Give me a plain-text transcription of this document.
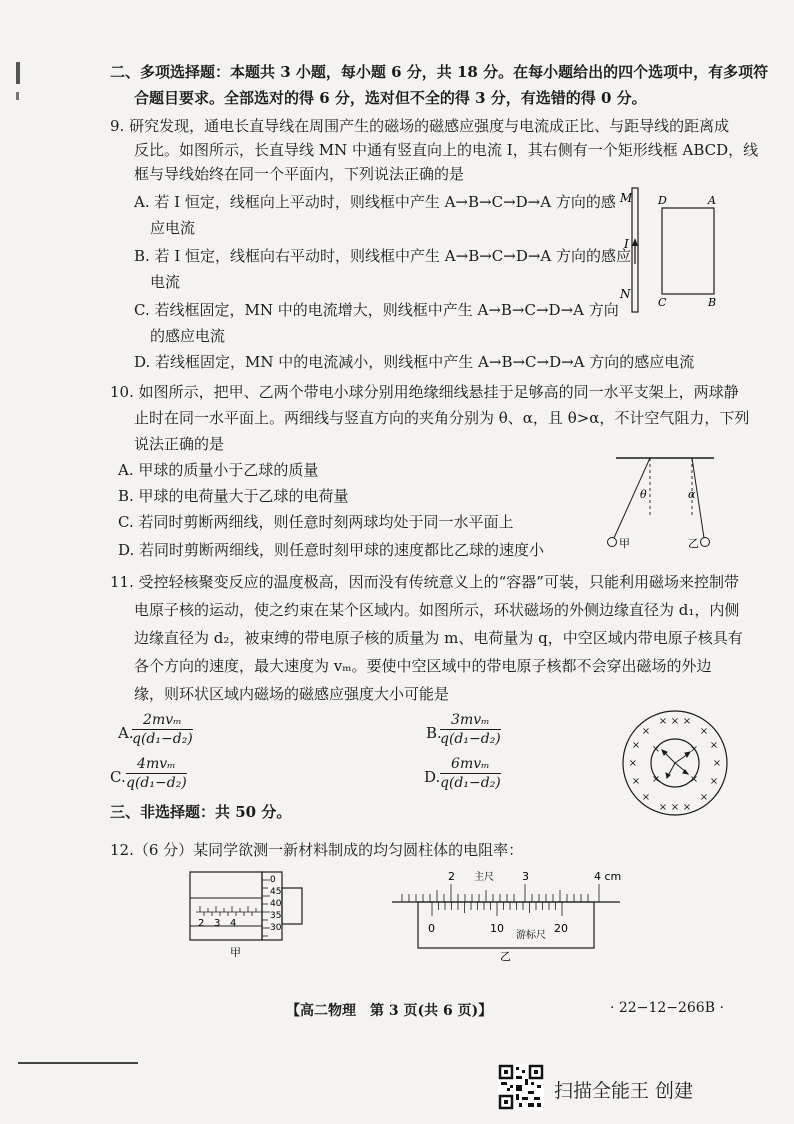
二、多项选择题：本题共 3 小题，每小题 6 分，共 18 分。在每小题给出的四个选项中，有多项符
合题目要求。全部选对的得 6 分，选对但不全的得 3 分，有选错的得 0 分。
9. 研究发现，通电长直导线在周围产生的磁场的磁感应强度与电流成正比、与距导线的距离成
反比。如图所示，长直导线 MN 中通有竖直向上的电流 I，其右侧有一个矩形线框 ABCD，线
框与导线始终在同一个平面内，下列说法正确的是
A. 若 I 恒定，线框向上平动时，则线框中产生 A→B→C→D→A 方向的感
应电流
B. 若 I 恒定，线框向右平动时，则线框中产生 A→B→C→D→A 方向的感应
电流
C. 若线框固定，MN 中的电流增大，则线框中产生 A→B→C→D→A 方向
的感应电流
D. 若线框固定，MN 中的电流减小，则线框中产生 A→B→C→D→A 方向的感应电流
M
N
I
D	A
C	B
10. 如图所示，把甲、乙两个带电小球分别用绝缘细线悬挂于足够高的同一水平支架上，两球静
止时在同一水平面上。两细线与竖直方向的夹角分别为 θ、α，且 θ>α，不计空气阻力，下列
说法正确的是
A. 甲球的质量小于乙球的质量
B. 甲球的电荷量大于乙球的电荷量
C. 若同时剪断两细线，则任意时刻两球均处于同一水平面上
D. 若同时剪断两细线，则任意时刻甲球的速度都比乙球的速度小
θ	α
甲	乙
11. 受控轻核聚变反应的温度极高，因而没有传统意义上的“容器”可装，只能利用磁场来控制带
电原子核的运动，使之约束在某个区域内。如图所示，环状磁场的外侧边缘直径为 d₁，内侧
边缘直径为 d₂，被束缚的带电原子核的质量为 m、电荷量为 q，中空区域内带电原子核具有
各个方向的速度，最大速度为 vₘ。要使中空区域中的带电原子核都不会穿出磁场的外边
缘，则环状区域内磁场的磁感应强度大小可能是
A.
2mvₘ
q(d₁−d₂)	B.
3mvₘ
q(d₁−d₂)
C.
4mvₘ
q(d₁−d₂)	D.
6mvₘ
q(d₁−d₂)
× × ×
×	×
×	×
×	×
×	×
×	×
× × ×
×	×
×	×
三、非选择题：共 50 分。
12.（6 分）某同学欲测一新材料制成的均匀圆柱体的电阻率：
2 3 4
0
45
40
35
30
甲
2 主尺	3	4 cm
0	10
游标尺
20
乙
【高二物理　第 3 页(共 6 页)】	· 22−12−266B ·
扫描全能王 创建
